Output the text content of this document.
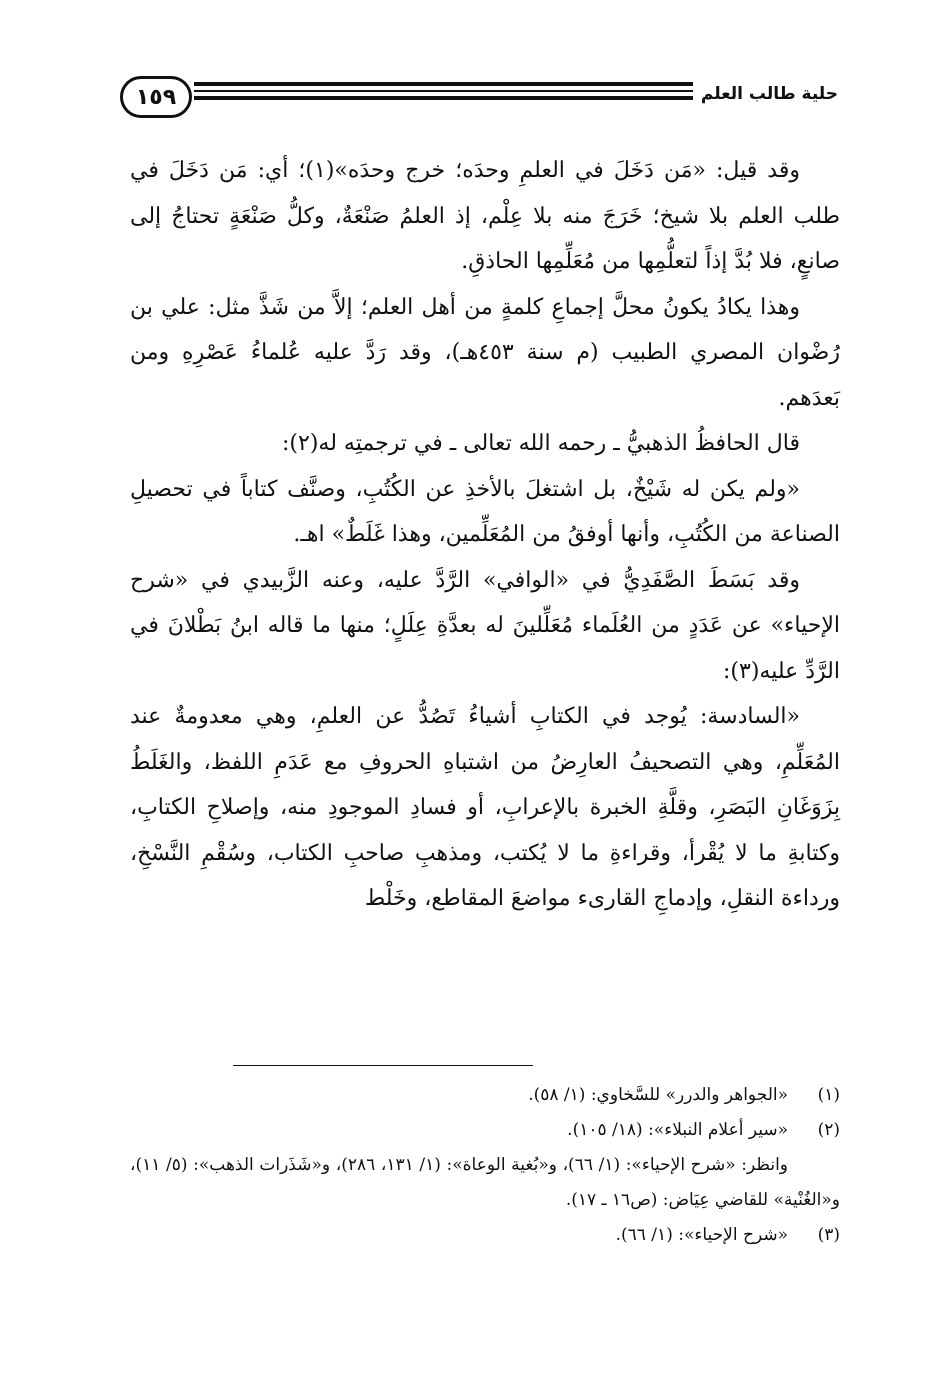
١٥٩	حلية طالب العلم

وقد قيل: «مَن دَخَلَ في العلمِ وحدَه؛ خرج وحدَه»(١)؛ أي: مَن دَخَلَ في طلب العلم بلا شيخ؛ خَرَجَ منه بلا عِلْم، إذ العلمُ صَنْعَةٌ، وكلُّ صَنْعَةٍ تحتاجُ إلى صانعٍ، فلا بُدَّ إذاً لتعلُّمِها من مُعَلِّمِها الحاذقِ.

وهذا يكادُ يكونُ محلَّ إجماعِ كلمةٍ من أهل العلم؛ إلاَّ من شَذَّ مثل: علي بن رُضْوان المصري الطبيب (م سنة ٤٥٣هـ)، وقد رَدَّ عليه عُلماءُ عَصْرِهِ ومن بَعدَهم.

قال الحافظُ الذهبيُّ ـ رحمه الله تعالى ـ في ترجمتِه له(٢):

«ولم يكن له شَيْخٌ، بل اشتغلَ بالأخذِ عن الكُتُبِ، وصنَّف كتاباً في تحصيلِ الصناعة من الكُتُبِ، وأنها أوفقُ من المُعَلِّمين، وهذا غَلَطٌ» اهـ.

وقد بَسَطَ الصَّفَدِيُّ في «الوافي» الرَّدَّ عليه، وعنه الزَّبيدي في «شرح الإحياء» عن عَدَدٍ من العُلَماء مُعَلِّلينَ له بعدَّةِ عِلَلٍ؛ منها ما قاله ابنُ بَطْلانَ في الرَّدِّ عليه(٣):

«السادسة: يُوجد في الكتابِ أشياءُ تَصُدُّ عن العلمِ، وهي معدومةٌ عند المُعَلِّمِ، وهي التصحيفُ العارِضُ من اشتباهِ الحروفِ مع عَدَمِ اللفظ، والغَلَطُ بِزَوَغَانِ البَصَرِ، وقلَّةِ الخبرة بالإعرابِ، أو فسادِ الموجودِ منه، وإصلاحِ الكتابِ، وكتابةِ ما لا يُقْرأ، وقراءةِ ما لا يُكتب، ومذهبِ صاحبِ الكتاب، وسُقْمِ النَّسْخِ، ورداءة النقلِ، وإدماجِ القارىء مواضعَ المقاطع، وخَلْط

(١)
«الجواهر والدرر» للسَّخاوي: (١/ ٥٨).
(٢)
«سير أعلام النبلاء»: (١٨/ ١٠٥).
وانظر: «شرح الإحياء»: (١/ ٦٦)، و«بُغية الوعاة»: (١/ ١٣١، ٢٨٦)، و«شَذَرات الذهب»: (٥/ ١١)، و«الغُنْية» للقاضي عِيَاض: (ص١٦ ـ ١٧).
(٣)
«شرح الإحياء»: (١/ ٦٦).
